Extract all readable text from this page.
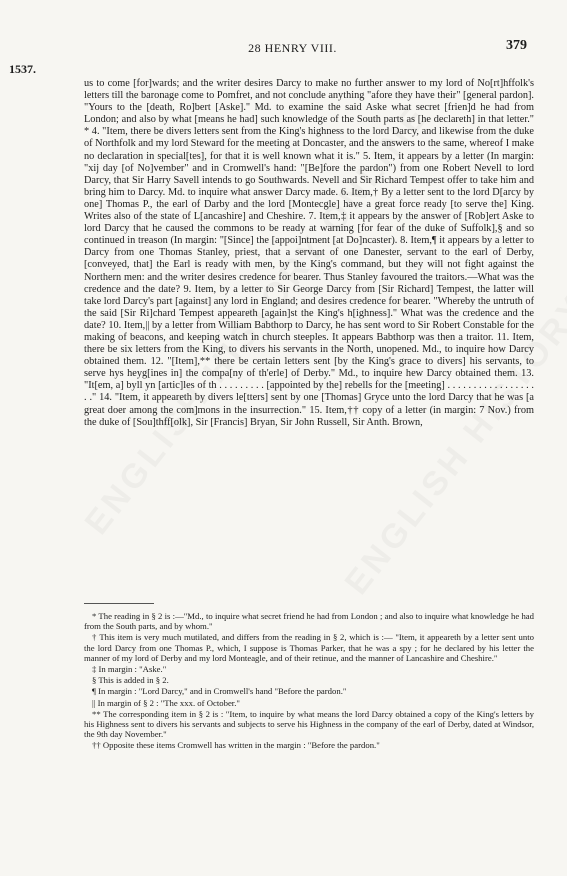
28 HENRY VIII.	379
1537.

us to come [for]wards; and the writer desires Darcy to make no further answer to my lord of No[rt]hffolk's letters till the baronage come to Pomfret, and not conclude anything "afore they have their" [general pardon]. "Yours to the [death, Ro]bert [Aske]." Md. to examine the said Aske what secret [frien]d he had from London; and also by what [means he had] such knowledge of the South parts as [he declareth] in that letter." * 4. "Item, there be divers letters sent from the King's highness to the lord Darcy, and likewise from the duke of Northfolk and my lord Steward for the meeting at Doncaster, and the answers to the same, whereof I make no declaration in special[tes], for that it is well known what it is." 5. Item, it appears by a letter (In margin: "xij day [of No]vember" and in Cromwell's hand: "[Be]fore the pardon") from one Robert Nevell to lord Darcy, that Sir Harry Savell intends to go Southwards. Nevell and Sir Richard Tempest offer to take him and bring him to Darcy. Md. to inquire what answer Darcy made. 6. Item,† By a letter sent to the lord D[arcy by one] Thomas P., the earl of Darby and the lord [Montecgle] have a great force ready [to serve the] King. Writes also of the state of L[ancashire] and Cheshire. 7. Item,‡ it appears by the answer of [Rob]ert Aske to lord Darcy that he caused the commons to be ready at warning [for fear of the duke of Suffolk],§ and so continued in treason (In margin: "[Since] the [appoi]ntment [at Do]ncaster). 8. Item,¶ it appears by a letter to Darcy from one Thomas Stanley, priest, that a servant of one Danester, servant to the earl of Derby, [conveyed, that] the Earl is ready with men, by the King's command, but they will not fight against the Northern men: and the writer desires credence for bearer. Thus Stanley favoured the traitors.—What was the credence and the date? 9. Item, by a letter to Sir George Darcy from [Sir Richard] Tempest, the latter will take lord Darcy's part [against] any lord in England; and desires credence for bearer. "Whereby the untruth of the said [Sir Ri]chard Tempest appeareth [again]st the King's h[ighness]." What was the credence and the date? 10. Item,|| by a letter from William Babthorp to Darcy, he has sent word to Sir Robert Constable for the making of beacons, and keeping watch in church steeples. It appears Babthorp was then a traitor. 11. Item, there be six letters from the King, to divers his servants in the North, unopened. Md., to inquire how Darcy obtained them. 12. "[Item],** there be certain letters sent [by the King's grace to divers] his servants, to serve hys heyg[ines in] the compa[ny of th'erle] of Derby." Md., to inquire hew Darcy obtained them. 13. "It[em, a] byll yn [artic]les of th . . . . . . . . . [appointed by the] rebells for the [meeting] . . . . . . . . . . . . . . . . . . ." 14. "Item, it appeareth by divers le[tters] sent by one [Thomas] Gryce unto the lord Darcy that he was [a great doer among the com]mons in the insurrection." 15. Item,†† copy of a letter (in margin: 7 Nov.) from the duke of [Sou]thff[olk], Sir [Francis] Bryan, Sir John Russell, Sir Anth. Brown,

* The reading in § 2 is :—"Md., to inquire what secret friend he had from London ; and also to inquire what knowledge he had from the South parts, and by whom."

† This item is very much mutilated, and differs from the reading in § 2, which is :— "Item, it appeareth by a letter sent unto the lord Darcy from one Thomas P., which, I suppose is Thomas Parker, that he was a spy ; for he declared by his letter the manner of my lord of Derby and my lord Monteagle, and of their retinue, and the manner of Lancashire and Cheshire."

‡ In margin : "Aske."

§ This is added in § 2.

¶ In margin : "Lord Darcy," and in Cromwell's hand "Before the pardon."

|| In margin of § 2 : "The xxx. of October."

** The corresponding item in § 2 is : "Item, to inquire by what means the lord Darcy obtained a copy of the King's letters by his Highness sent to divers his servants and subjects to serve his Highness in the company of the earl of Derby, dated at Windsor, the 9th day November."

†† Opposite these items Cromwell has written in the margin : "Before the pardon."
